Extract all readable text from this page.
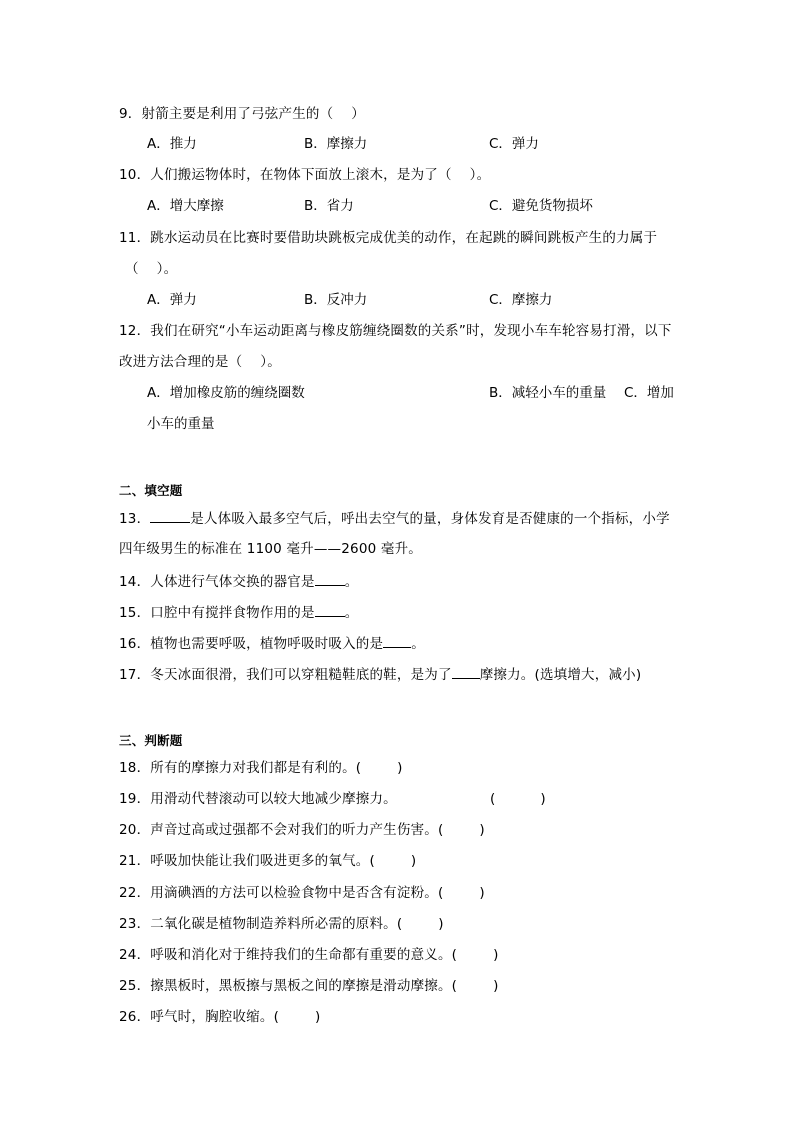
9．射箭主要是利用了弓弦产生的（    ）
A．推力	B．摩擦力	C．弹力
10．人们搬运物体时，在物体下面放上滚木，是为了（    ）。
A．增大摩擦	B．省力	C．避免货物损坏
11．跳水运动员在比赛时要借助块跳板完成优美的动作，在起跳的瞬间跳板产生的力属于
（    ）。
A．弹力	B．反冲力	C．摩擦力
12．我们在研究“小车运动距离与橡皮筋缠绕圈数的关系”时，发现小车车轮容易打滑，以下
改进方法合理的是（    ）。
A．增加橡皮筋的缠绕圈数	B．减轻小车的重量 C．增加
小车的重量
二、填空题
13．	是人体吸入最多空气后，呼出去空气的量，身体发育是否健康的一个指标，小学
四年级男生的标准在 1100 毫升——2600 毫升。
14．人体进行气体交换的器官是 。
15．口腔中有搅拌食物作用的是 。
16．植物也需要呼吸，植物呼吸时吸入的是 。
17．冬天冰面很滑，我们可以穿粗糙鞋底的鞋，是为了 摩擦力。(选填增大，减小)
三、判断题
18．所有的摩擦力对我们都是有利的。(        )
19．用滑动代替滚动可以较大地减少摩擦力。	(          )
20．声音过高或过强都不会对我们的听力产生伤害。(        )
21．呼吸加快能让我们吸进更多的氧气。(        )
22．用滴碘酒的方法可以检验食物中是否含有淀粉。(        )
23．二氧化碳是植物制造养料所必需的原料。(        )
24．呼吸和消化对于维持我们的生命都有重要的意义。(        )
25．擦黑板时，黑板擦与黑板之间的摩擦是滑动摩擦。(        )
26．呼气时，胸腔收缩。(        )
